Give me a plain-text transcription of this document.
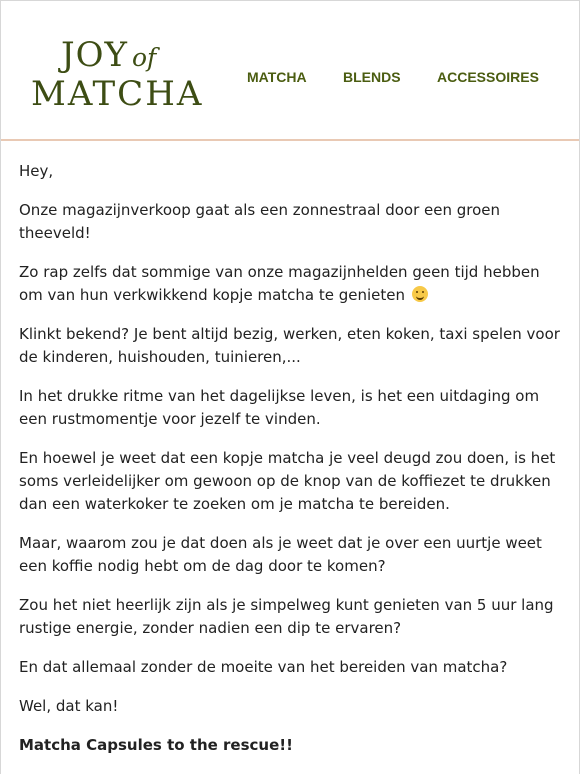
JOY of
MATCHA	MATCHA	BLENDS	ACCESSOIRES

Hey,

Onze magazijnverkoop gaat als een zonnestraal door een groen theeveld!

Zo rap zelfs dat sommige van onze magazijnhelden geen tijd hebben om van hun verkwikkend kopje matcha te genieten

Klinkt bekend? Je bent altijd bezig, werken, eten koken, taxi spelen voor de kinderen, huishouden, tuinieren,...

In het drukke ritme van het dagelijkse leven, is het een uitdaging om een rustmomentje voor jezelf te vinden.

En hoewel je weet dat een kopje matcha je veel deugd zou doen, is het soms verleidelijker om gewoon op de knop van de koffiezet te drukken dan een waterkoker te zoeken om je matcha te bereiden.

Maar, waarom zou je dat doen als je weet dat je over een uurtje weet een koffie nodig hebt om de dag door te komen?

Zou het niet heerlijk zijn als je simpelweg kunt genieten van 5 uur lang rustige energie, zonder nadien een dip te ervaren?

En dat allemaal zonder de moeite van het bereiden van matcha?

Wel, dat kan!

Matcha Capsules to the rescue!!
